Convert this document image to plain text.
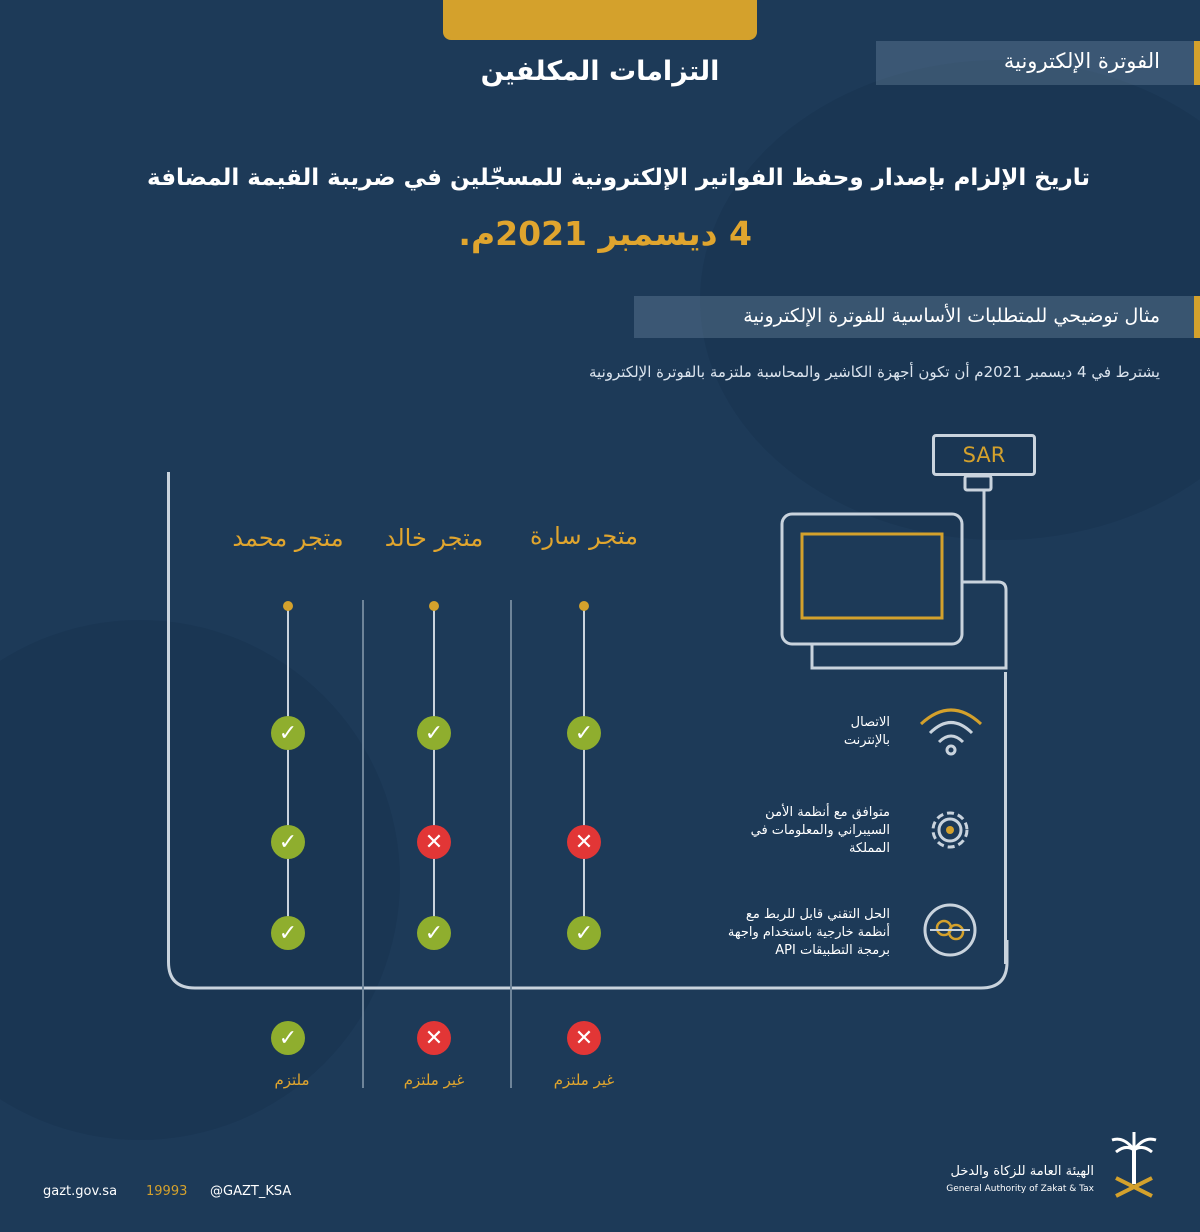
التزامات المكلفين	الفوترة الإلكترونية
تاريخ الإلزام بإصدار وحفظ الفواتير الإلكترونية للمسجّلين في ضريبة القيمة المضافة
4 ديسمبر 2021م.
مثال توضيحي للمتطلبات الأساسية للفوترة الإلكترونية
يشترط في 4 ديسمبر 2021م أن تكون أجهزة الكاشير والمحاسبة ملتزمة بالفوترة الإلكترونية
متجر سارة
متجر خالد
متجر محمد
✓
✕
✓
✕
✓
✕
✓
✕
✓
✓
✓
✓
غير ملتزم
غير ملتزم
ملتزم
SAR
الاتصال
بالإنترنت
متوافق مع أنظمة الأمن
السيبراني والمعلومات في
المملكة
الحل التقني قابل للربط مع
أنظمة خارجية باستخدام واجهة
برمجة التطبيقات API
gazt.gov.sa 19993 @GAZT_KSA
الهيئة العامة للزكاة والدخل
General Authority of Zakat & Tax
